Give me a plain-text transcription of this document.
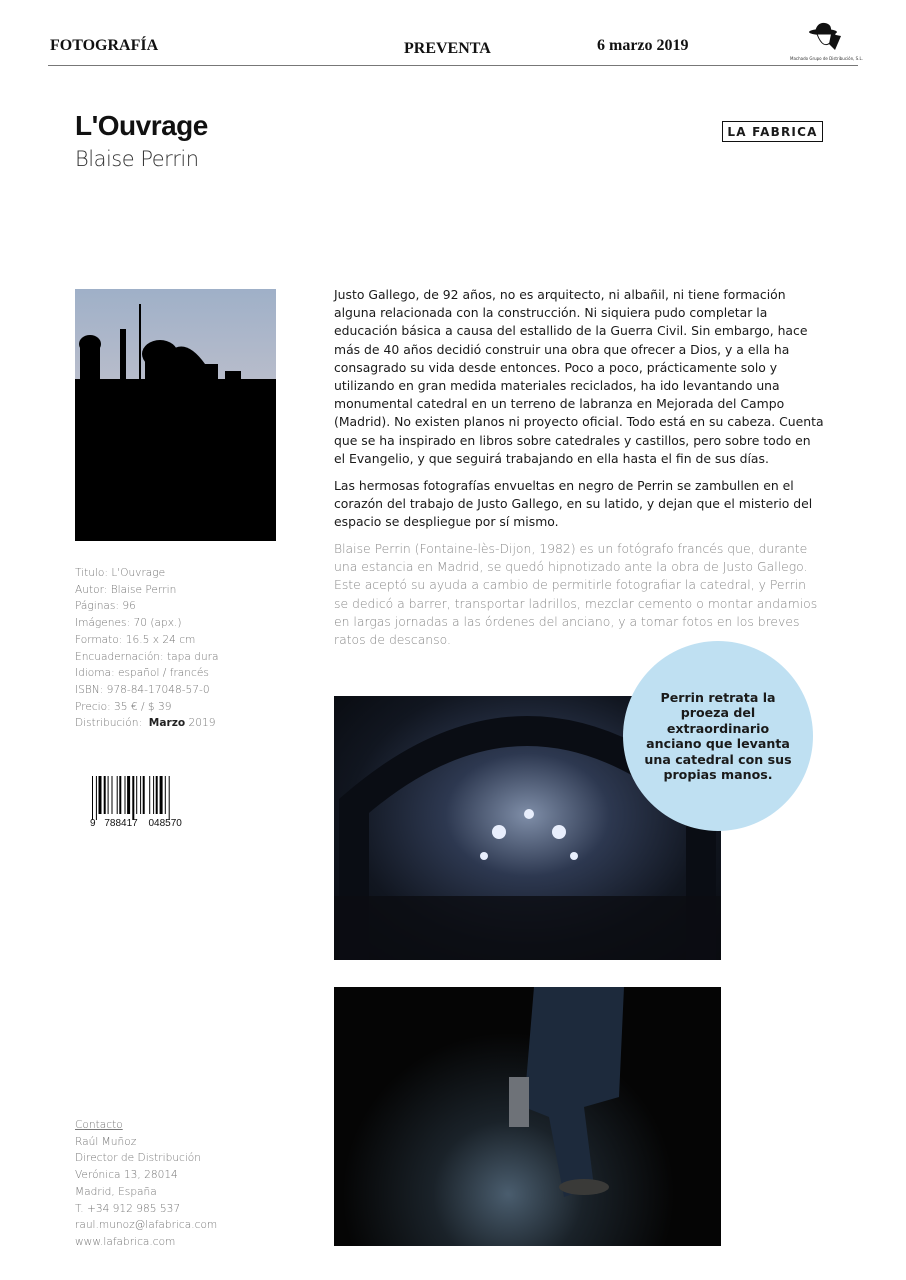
FOTOGRAFÍA	PREVENTA	6 marzo 2019
Machado Grupo de Distribución, S.L.
L'Ouvrage
Blaise Perrin
LA FABRICA
Titulo: L'Ouvrage
Autor: Blaise Perrin
Páginas: 96
Imágenes: 70 (apx.)
Formato: 16.5 x 24 cm
Encuadernación: tapa dura
Idioma: español / francés
ISBN: 978-84-17048-57-0
Precio: 35 € / $ 39
Distribución: Marzo 2019
9 788417 048570

Justo Gallego, de 92 años, no es arquitecto, ni albañil, ni tiene formación alguna relacionada con la construcción. Ni siquiera pudo completar la educación básica a causa del estallido de la Guerra Civil. Sin embargo, hace más de 40 años decidió construir una obra que ofrecer a Dios, y a ella ha consagrado su vida desde entonces. Poco a poco, prácticamente solo y utilizando en gran medida materiales reciclados, ha ido levantando una monumental catedral en un terreno de labranza en Mejorada del Campo (Madrid). No existen planos ni proyecto oficial. Todo está en su cabeza. Cuenta que se ha inspirado en libros sobre catedrales y castillos, pero sobre todo en el Evangelio, y que seguirá trabajando en ella hasta el fin de sus días.

Las hermosas fotografías envueltas en negro de Perrin se zambullen en el corazón del trabajo de Justo Gallego, en su latido, y dejan que el misterio del espacio se despliegue por sí mismo.

Blaise Perrin (Fontaine-lès-Dijon, 1982) es un fotógrafo francés que, durante una estancia en Madrid, se quedó hipnotizado ante la obra de Justo Gallego. Este aceptó su ayuda a cambio de permitirle fotografiar la catedral, y Perrin se dedicó a barrer, transportar ladrillos, mezclar cemento o montar andamios en largas jornadas a las órdenes del anciano, y a tomar fotos en los breves ratos de descanso.

Perrin retrata la proeza del extraordinario anciano que levanta una catedral con sus propias manos.
Contacto
Raúl Muñoz
Director de Distribución
Verónica 13, 28014
Madrid, España
T. +34 912 985 537
raul.munoz@lafabrica.com
www.lafabrica.com
